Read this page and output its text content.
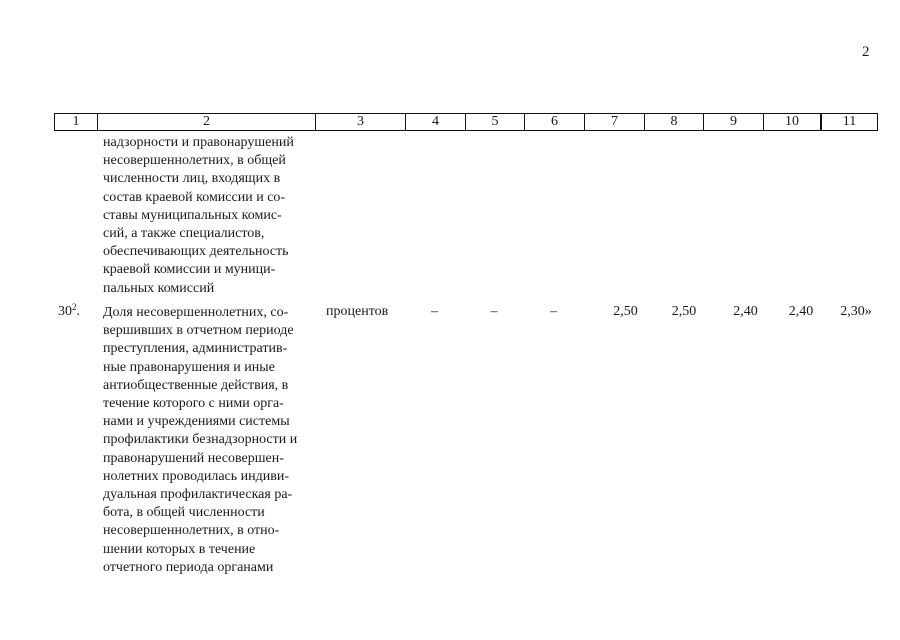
2
1	2	3	4	5	6	7	8	9	10	11
надзорности и правонарушений
несовершеннолетних, в общей
численности лиц, входящих в
состав краевой комиссии и со-
ставы муниципальных комис-
сий, а также специалистов,
обеспечивающих деятельность
краевой комиссии и муници-
пальных комиссий
$30^2$. Доля несовершеннолетних, со-
вершивших в отчетном периоде
преступления, административ-
ные правонарушения и иные
антиобщественные действия, в
течение которого с ними орга-
нами и учреждениями системы
профилактики безнадзорности и
правонарушений несовершен-
нолетних проводилась индиви-
дуальная профилактическая ра-
бота, в общей численности
несовершеннолетних, в отно-
шении которых в течение
отчетного периода органами
процентов	–	–	–	2,50	2,50	2,40	2,40	2,30»
